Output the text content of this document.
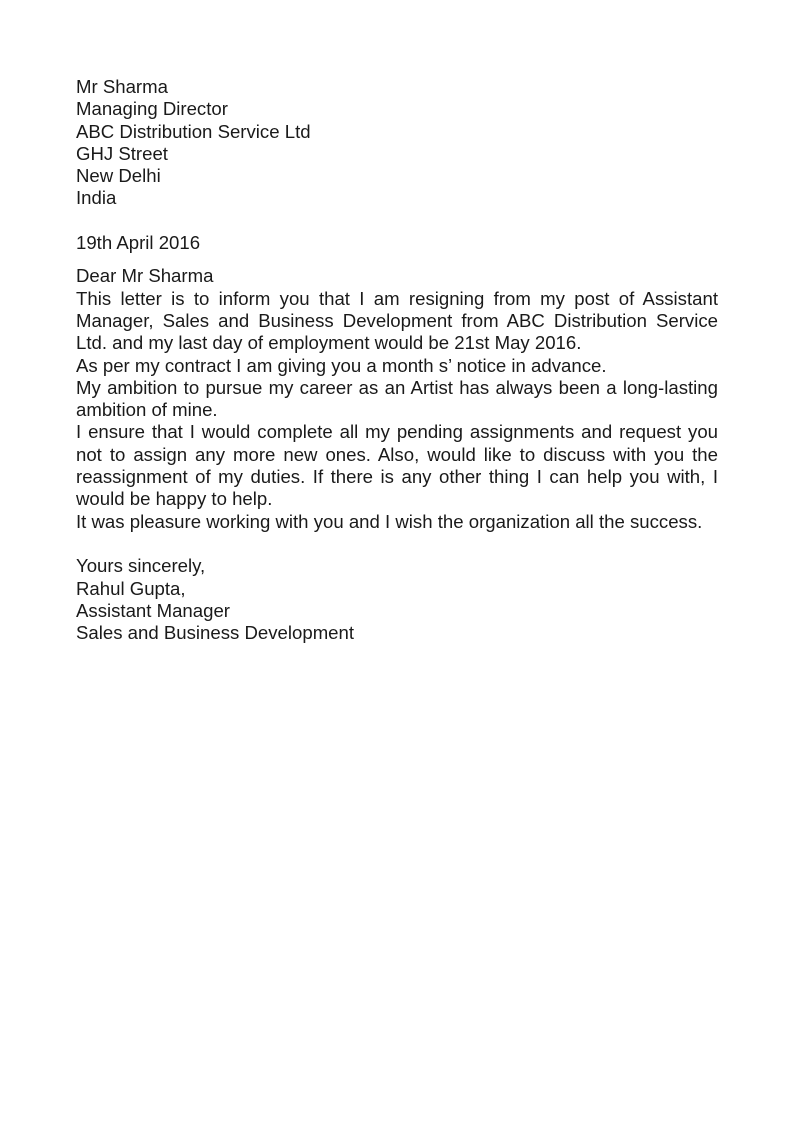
Mr Sharma
Managing Director
ABC Distribution Service Ltd
GHJ Street
New Delhi
India
19th April 2016
Dear Mr Sharma

This letter is to inform you that I am resigning from my post of Assistant Manager, Sales and Business Development from ABC Distribution Service Ltd. and my last day of employment would be 21st May 2016.

As per my contract I am giving you a month s’ notice in advance.

My ambition to pursue my career as an Artist has always been a long-lasting ambition of mine.

I ensure that I would complete all my pending assignments and request you not to assign any more new ones. Also, would like to discuss with you the reassignment of my duties. If there is any other thing I can help you with, I would be happy to help.

It was pleasure working with you and I wish the organization all the success.

Yours sincerely,
Rahul Gupta,
Assistant Manager
Sales and Business Development
